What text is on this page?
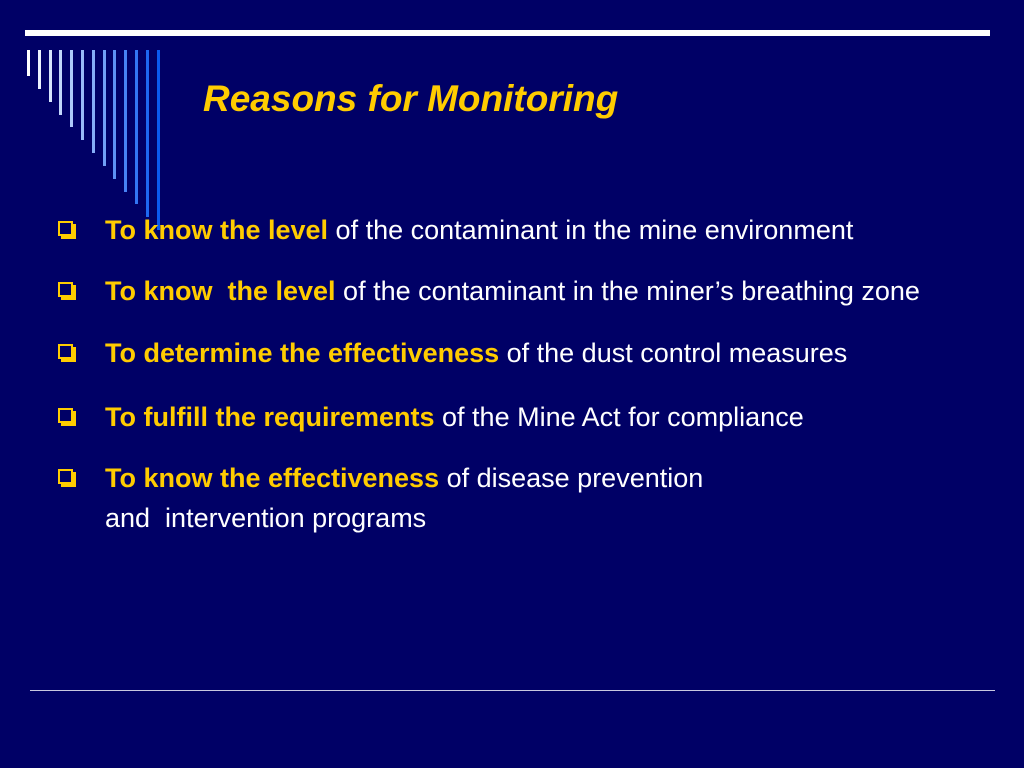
Reasons for Monitoring
To know the level of the contaminant in the mine environment
To know  the level of the contaminant in the miner’s breathing zone
To determine the effectiveness of the dust control measures
To fulfill the requirements of the Mine Act for compliance
To know the effectiveness of disease prevention
and  intervention programs
